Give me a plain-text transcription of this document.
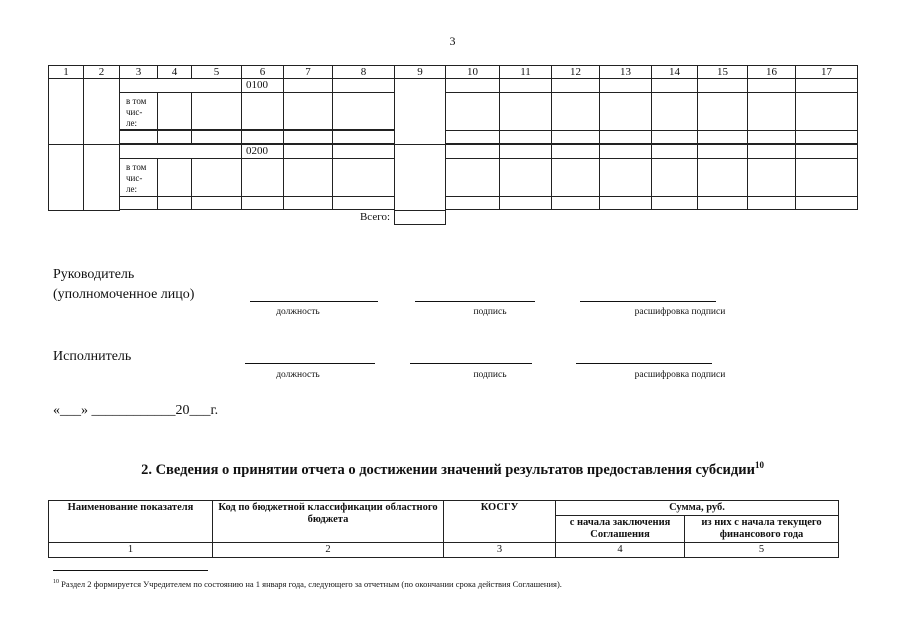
3
1	2	3	4	5	6	7	8	9	10	11	12	13	14	15	16	17
					0100											
		в том
чис-
ле:														

					0200											
		в том
чис-
ле:														

Всего:																
Руководитель
(уполномоченное лицо)
должность	подпись	расшифровка подписи
Исполнитель
должность	подпись	расшифровка подписи
«___» ____________20___г.
2. Сведения о принятии отчета о достижении значений результатов предоставления субсидии$^{10}$
Наименование показателя	Код по бюджетной классификации областного бюджета	КОСГУ	Сумма, руб.	
			с начала заключения Соглашения	из них с начала текущего финансового года
1	2	3	4	5
$^{10}$ Раздел 2 формируется Учредителем по состоянию на 1 января года, следующего за отчетным (по окончании срока действия Соглашения).
